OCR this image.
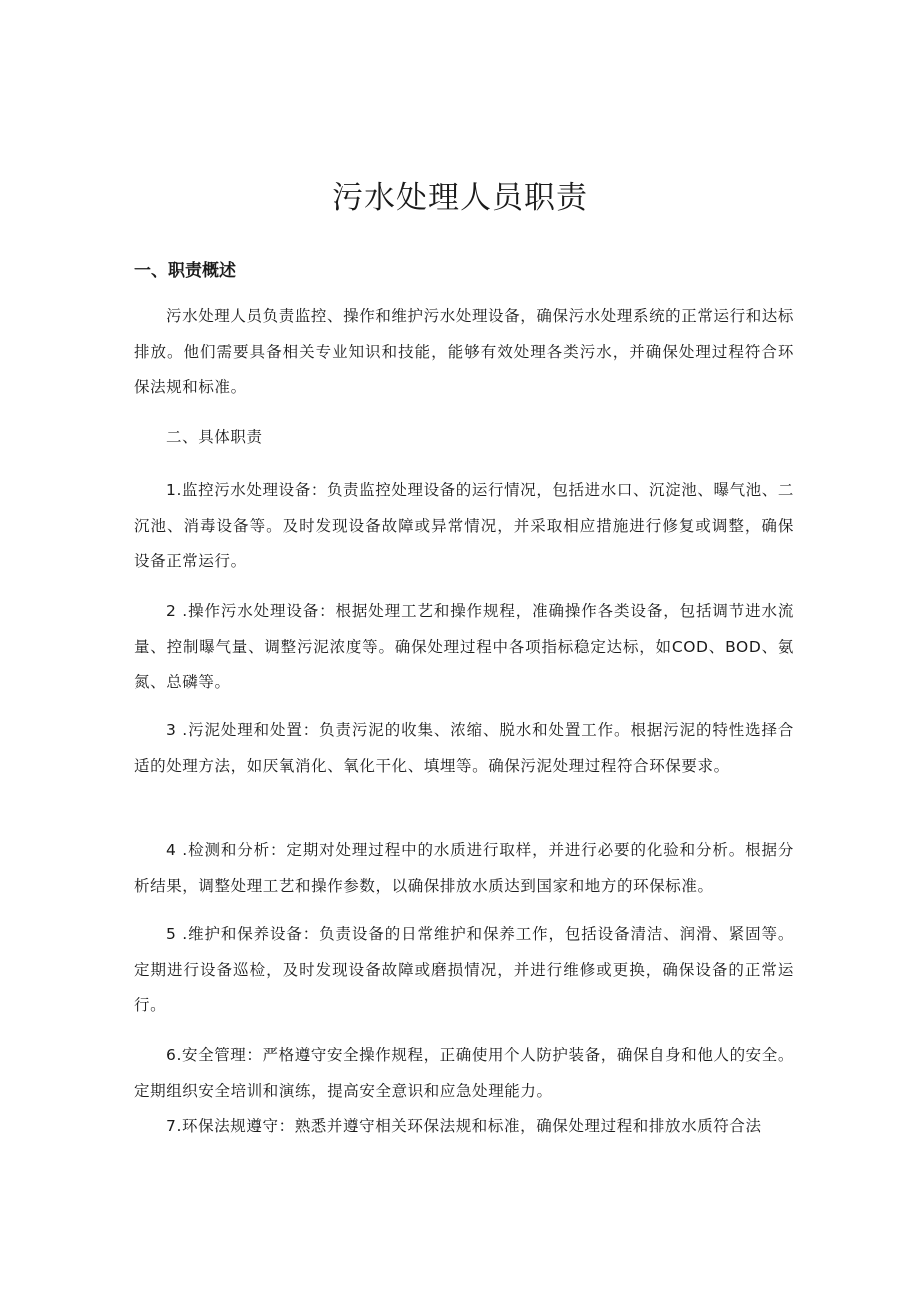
污水处理人员职责
一、职责概述

污水处理人员负责监控、操作和维护污水处理设备，确保污水处理系统的正常运行和达标排放。他们需要具备相关专业知识和技能，能够有效处理各类污水，并确保处理过程符合环保法规和标准。

二、具体职责

1.监控污水处理设备：负责监控处理设备的运行情况，包括进水口、沉淀池、曝气池、二沉池、消毒设备等。及时发现设备故障或异常情况，并采取相应措施进行修复或调整，确保设备正常运行。

2 .操作污水处理设备：根据处理工艺和操作规程，准确操作各类设备，包括调节进水流量、控制曝气量、调整污泥浓度等。确保处理过程中各项指标稳定达标，如COD、BOD、氨氮、总磷等。

3 .污泥处理和处置：负责污泥的收集、浓缩、脱水和处置工作。根据污泥的特性选择合适的处理方法，如厌氧消化、氧化干化、填埋等。确保污泥处理过程符合环保要求。

4 .检测和分析：定期对处理过程中的水质进行取样，并进行必要的化验和分析。根据分析结果，调整处理工艺和操作参数，以确保排放水质达到国家和地方的环保标准。

5 .维护和保养设备：负责设备的日常维护和保养工作，包括设备清洁、润滑、紧固等。定期进行设备巡检，及时发现设备故障或磨损情况，并进行维修或更换，确保设备的正常运行。

6.安全管理：严格遵守安全操作规程，正确使用个人防护装备，确保自身和他人的安全。定期组织安全培训和演练，提高安全意识和应急处理能力。

7.环保法规遵守：熟悉并遵守相关环保法规和标准，确保处理过程和排放水质符合法
